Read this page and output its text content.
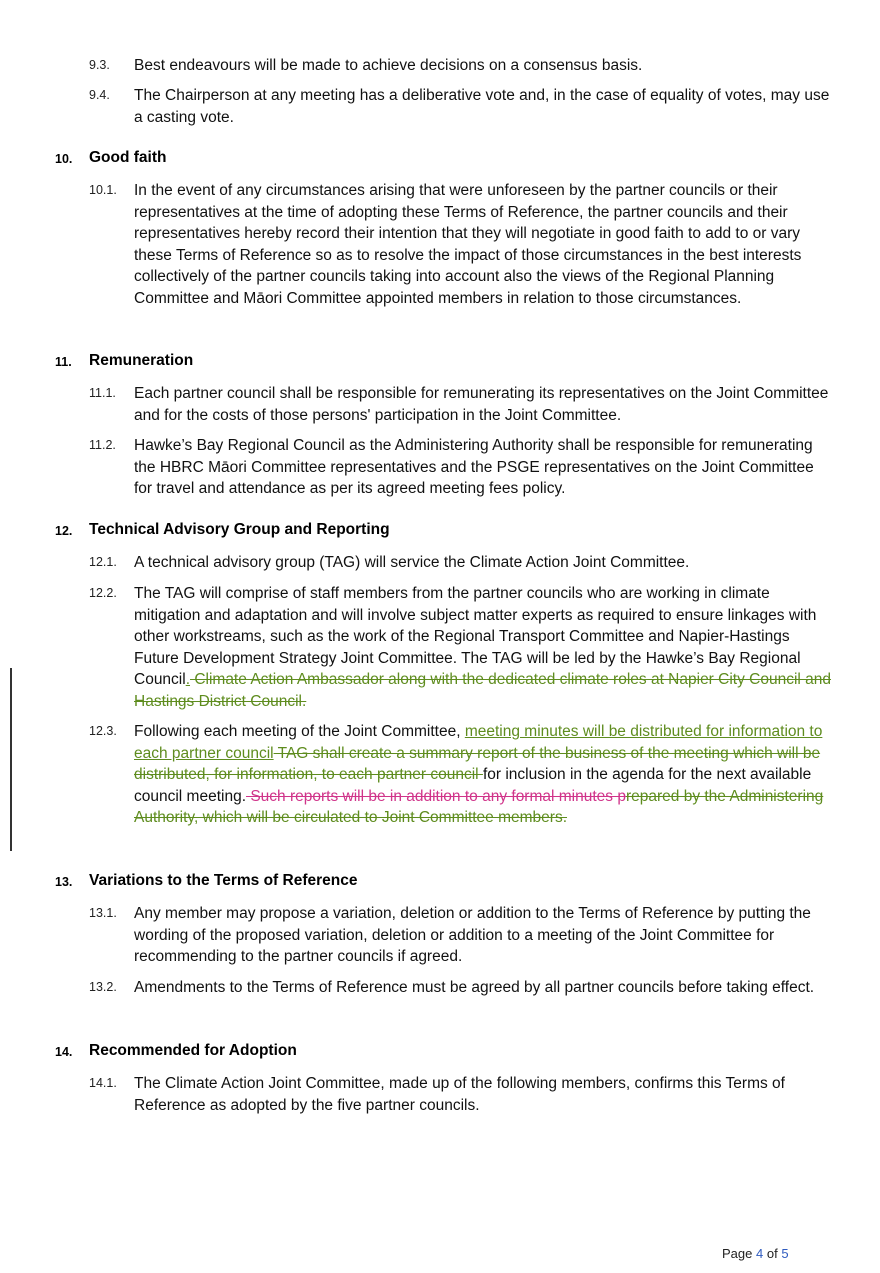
9.3. Best endeavours will be made to achieve decisions on a consensus basis.
9.4. The Chairperson at any meeting has a deliberative vote and, in the case of equality of votes, may use a casting vote.
10. Good faith
10.1. In the event of any circumstances arising that were unforeseen by the partner councils or their representatives at the time of adopting these Terms of Reference, the partner councils and their representatives hereby record their intention that they will negotiate in good faith to add to or vary these Terms of Reference so as to resolve the impact of those circumstances in the best interests collectively of the partner councils taking into account also the views of the Regional Planning Committee and Māori Committee appointed members in relation to those circumstances.
11. Remuneration
11.1. Each partner council shall be responsible for remunerating its representatives on the Joint Committee and for the costs of those persons' participation in the Joint Committee.
11.2. Hawke’s Bay Regional Council as the Administering Authority shall be responsible for remunerating the HBRC Māori Committee representatives and the PSGE representatives on the Joint Committee for travel and attendance as per its agreed meeting fees policy.
12. Technical Advisory Group and Reporting
12.1. A technical advisory group (TAG) will service the Climate Action Joint Committee.
12.2. The TAG will comprise of staff members from the partner councils who are working in climate mitigation and adaptation and will involve subject matter experts as required to ensure linkages with other workstreams, such as the work of the Regional Transport Committee and Napier-Hastings Future Development Strategy Joint Committee. The TAG will be led by the Hawke’s Bay Regional Council. Climate Action Ambassador along with the dedicated climate roles at Napier City Council and Hastings District Council.
12.3. Following each meeting of the Joint Committee, meeting minutes will be distributed for information to each partner council TAG shall create a summary report of the business of the meeting which will be distributed, for information, to each partner council for inclusion in the agenda for the next available council meeting. Such reports will be in addition to any formal minutes prepared by the Administering Authority, which will be circulated to Joint Committee members.
13. Variations to the Terms of Reference
13.1. Any member may propose a variation, deletion or addition to the Terms of Reference by putting the wording of the proposed variation, deletion or addition to a meeting of the Joint Committee for recommending to the partner councils if agreed.
13.2. Amendments to the Terms of Reference must be agreed by all partner councils before taking effect.
14. Recommended for Adoption
14.1. The Climate Action Joint Committee, made up of the following members, confirms this Terms of Reference as adopted by the five partner councils.
Page 4 of 5
